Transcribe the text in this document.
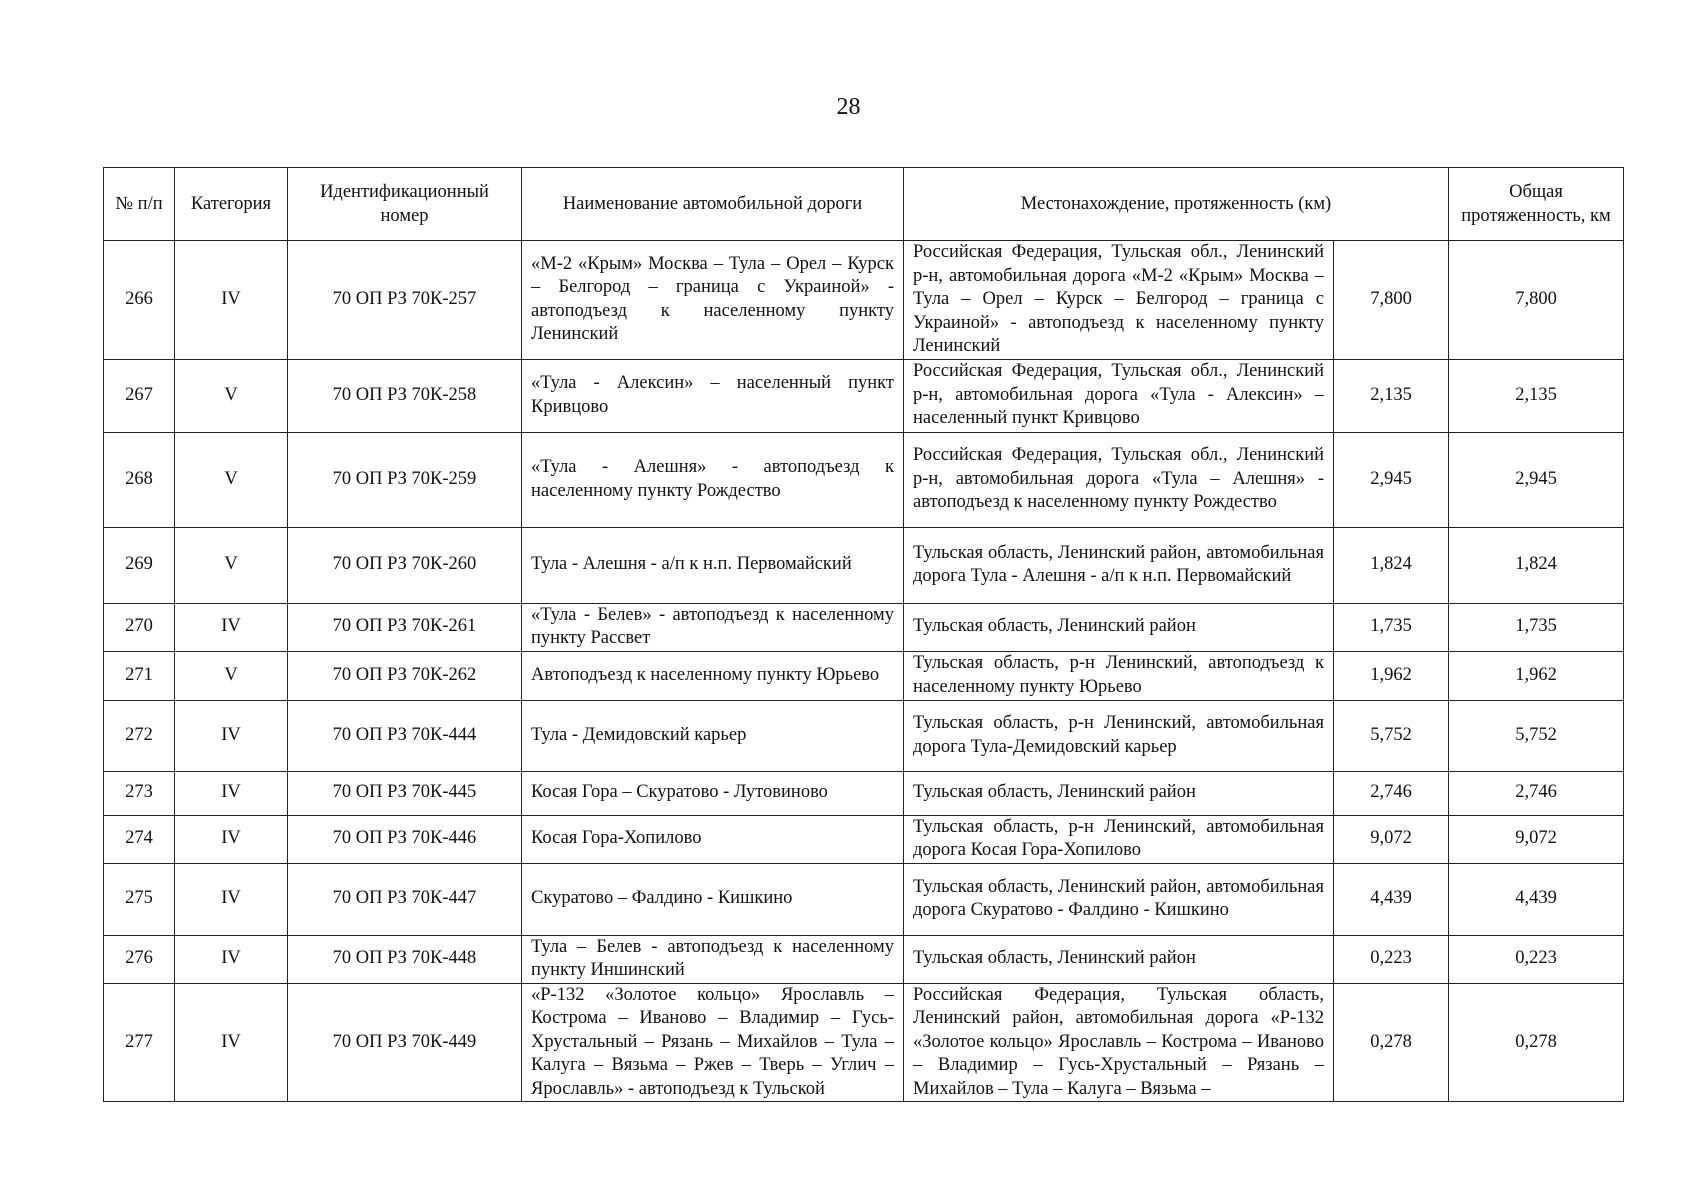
28
№ п/п	Категория	Идентификационный номер	Наименование автомобильной дороги	Местонахождение, протяженность (км)		Общая протяженность, км
266	IV	70 ОП РЗ 70К-257	«М-2 «Крым» Москва – Тула – Орел – Курск – Белгород – граница с Украиной» - автоподъезд к населенному пункту Ленинский	Российская Федерация, Тульская обл., Ленинский р-н, автомобильная дорога «М-2 «Крым» Москва – Тула – Орел – Курск – Белгород – граница с Украиной» - автоподъезд к населенному пункту Ленинский	7,800	7,800
267	V	70 ОП РЗ 70К-258	«Тула - Алексин» – населенный пункт Кривцово	Российская Федерация, Тульская обл., Ленинский р-н, автомобильная дорога «Тула - Алексин» – населенный пункт Кривцово	2,135	2,135
268	V	70 ОП РЗ 70К-259	«Тула - Алешня» - автоподъезд к населенному пункту Рождество	Российская Федерация, Тульская обл., Ленинский р-н, автомобильная дорога «Тула – Алешня» - автоподъезд к населенному пункту Рождество	2,945	2,945
269	V	70 ОП РЗ 70К-260	Тула - Алешня - а/п к н.п. Первомайский	Тульская область, Ленинский район, автомобильная дорога Тула - Алешня - а/п к н.п. Первомайский	1,824	1,824
270	IV	70 ОП РЗ 70К-261	«Тула - Белев» - автоподъезд к населенному пункту Рассвет	Тульская область, Ленинский район	1,735	1,735
271	V	70 ОП РЗ 70К-262	Автоподъезд к населенному пункту Юрьево	Тульская область, р-н Ленинский, автоподъезд к населенному пункту Юрьево	1,962	1,962
272	IV	70 ОП РЗ 70К-444	Тула - Демидовский карьер	Тульская область, р-н Ленинский, автомобильная дорога Тула-Демидовский карьер	5,752	5,752
273	IV	70 ОП РЗ 70К-445	Косая Гора – Скуратово - Лутовиново	Тульская область, Ленинский район	2,746	2,746
274	IV	70 ОП РЗ 70К-446	Косая Гора-Хопилово	Тульская область, р-н Ленинский, автомобильная дорога Косая Гора-Хопилово	9,072	9,072
275	IV	70 ОП РЗ 70К-447	Скуратово – Фалдино - Кишкино	Тульская область, Ленинский район, автомобильная дорога Скуратово - Фалдино - Кишкино	4,439	4,439
276	IV	70 ОП РЗ 70К-448	Тула – Белев - автоподъезд к населенному пункту Иншинский	Тульская область, Ленинский район	0,223	0,223
277	IV	70 ОП РЗ 70К-449	«Р-132 «Золотое кольцо» Ярославль – Кострома – Иваново – Владимир – Гусь-Хрустальный – Рязань – Михайлов – Тула – Калуга – Вязьма – Ржев – Тверь – Углич – Ярославль» - автоподъезд к Тульской	Российская Федерация, Тульская область, Ленинский район, автомобильная дорога «Р-132 «Золотое кольцо» Ярославль – Кострома – Иваново – Владимир – Гусь-Хрустальный – Рязань – Михайлов – Тула – Калуга – Вязьма –	0,278	0,278
